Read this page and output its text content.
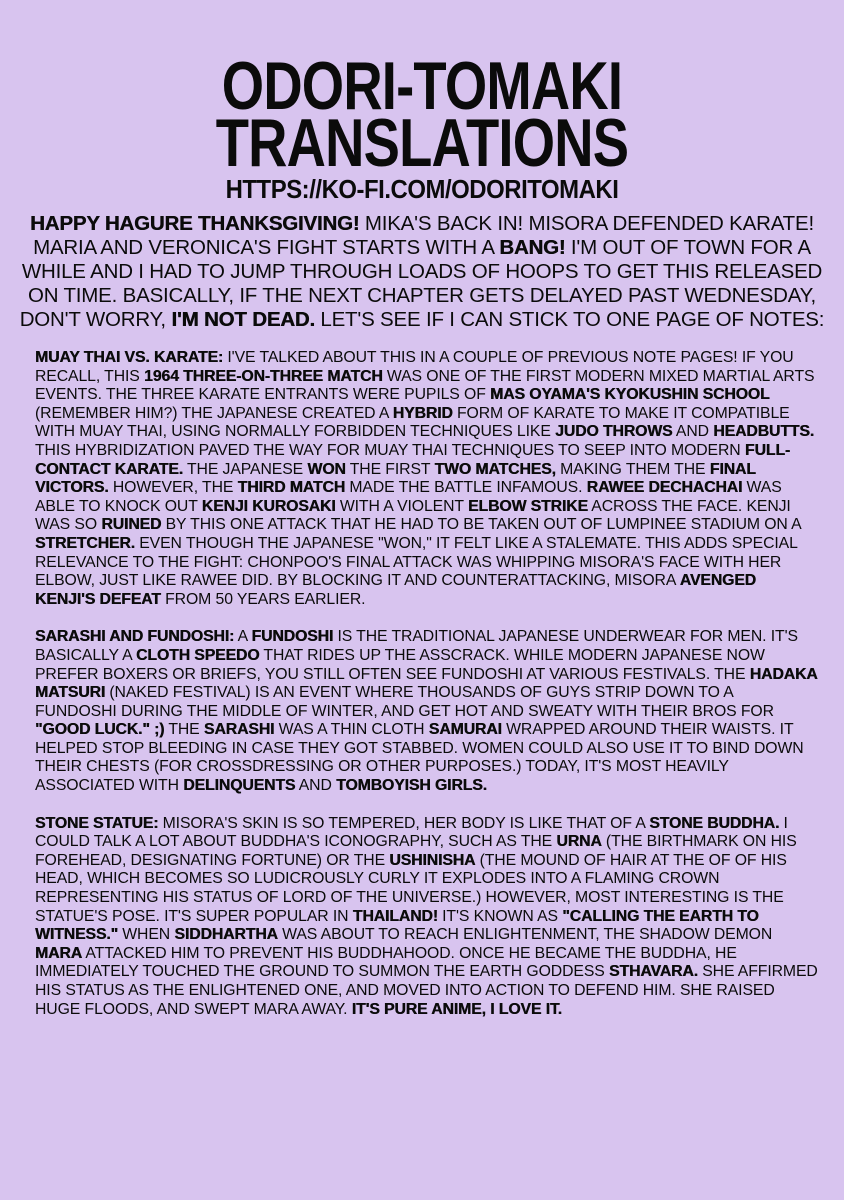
ODORI-TOMAKI
TRANSLATIONS
HTTPS://KO-FI.COM/ODORITOMAKI
HAPPY HAGURE THANKSGIVING! MIKA'S BACK IN! MISORA DEFENDED KARATE! MARIA AND VERONICA'S FIGHT STARTS WITH A BANG! I'M OUT OF TOWN FOR A WHILE AND I HAD TO JUMP THROUGH LOADS OF HOOPS TO GET THIS RELEASED ON TIME. BASICALLY, IF THE NEXT CHAPTER GETS DELAYED PAST WEDNESDAY, DON'T WORRY, I'M NOT DEAD. LET'S SEE IF I CAN STICK TO ONE PAGE OF NOTES:
MUAY THAI VS. KARATE: I'VE TALKED ABOUT THIS IN A COUPLE OF PREVIOUS NOTE PAGES! IF YOU RECALL, THIS 1964 THREE-ON-THREE MATCH WAS ONE OF THE FIRST MODERN MIXED MARTIAL ARTS EVENTS. THE THREE KARATE ENTRANTS WERE PUPILS OF MAS OYAMA'S KYOKUSHIN SCHOOL (REMEMBER HIM?) THE JAPANESE CREATED A HYBRID FORM OF KARATE TO MAKE IT COMPATIBLE WITH MUAY THAI, USING NORMALLY FORBIDDEN TECHNIQUES LIKE JUDO THROWS AND HEADBUTTS. THIS HYBRIDIZATION PAVED THE WAY FOR MUAY THAI TECHNIQUES TO SEEP INTO MODERN FULL-CONTACT KARATE. THE JAPANESE WON THE FIRST TWO MATCHES, MAKING THEM THE FINAL VICTORS. HOWEVER, THE THIRD MATCH MADE THE BATTLE INFAMOUS. RAWEE DECHACHAI WAS ABLE TO KNOCK OUT KENJI KUROSAKI WITH A VIOLENT ELBOW STRIKE ACROSS THE FACE. KENJI WAS SO RUINED BY THIS ONE ATTACK THAT HE HAD TO BE TAKEN OUT OF LUMPINEE STADIUM ON A STRETCHER. EVEN THOUGH THE JAPANESE "WON," IT FELT LIKE A STALEMATE. THIS ADDS SPECIAL RELEVANCE TO THE FIGHT: CHONPOO'S FINAL ATTACK WAS WHIPPING MISORA'S FACE WITH HER ELBOW, JUST LIKE RAWEE DID. BY BLOCKING IT AND COUNTERATTACKING, MISORA AVENGED KENJI'S DEFEAT FROM 50 YEARS EARLIER.
SARASHI AND FUNDOSHI: A FUNDOSHI IS THE TRADITIONAL JAPANESE UNDERWEAR FOR MEN. IT'S BASICALLY A CLOTH SPEEDO THAT RIDES UP THE ASSCRACK. WHILE MODERN JAPANESE NOW PREFER BOXERS OR BRIEFS, YOU STILL OFTEN SEE FUNDOSHI AT VARIOUS FESTIVALS. THE HADAKA MATSURI (NAKED FESTIVAL) IS AN EVENT WHERE THOUSANDS OF GUYS STRIP DOWN TO A FUNDOSHI DURING THE MIDDLE OF WINTER, AND GET HOT AND SWEATY WITH THEIR BROS FOR "GOOD LUCK." ;) THE SARASHI WAS A THIN CLOTH SAMURAI WRAPPED AROUND THEIR WAISTS. IT HELPED STOP BLEEDING IN CASE THEY GOT STABBED. WOMEN COULD ALSO USE IT TO BIND DOWN THEIR CHESTS (FOR CROSSDRESSING OR OTHER PURPOSES.) TODAY, IT'S MOST HEAVILY ASSOCIATED WITH DELINQUENTS AND TOMBOYISH GIRLS.
STONE STATUE: MISORA'S SKIN IS SO TEMPERED, HER BODY IS LIKE THAT OF A STONE BUDDHA. I COULD TALK A LOT ABOUT BUDDHA'S ICONOGRAPHY, SUCH AS THE URNA (THE BIRTHMARK ON HIS FOREHEAD, DESIGNATING FORTUNE) OR THE USHINISHA (THE MOUND OF HAIR AT THE OF OF HIS HEAD, WHICH BECOMES SO LUDICROUSLY CURLY IT EXPLODES INTO A FLAMING CROWN REPRESENTING HIS STATUS OF LORD OF THE UNIVERSE.) HOWEVER, MOST INTERESTING IS THE STATUE'S POSE. IT'S SUPER POPULAR IN THAILAND! IT'S KNOWN AS "CALLING THE EARTH TO WITNESS." WHEN SIDDHARTHA WAS ABOUT TO REACH ENLIGHTENMENT, THE SHADOW DEMON MARA ATTACKED HIM TO PREVENT HIS BUDDHAHOOD. ONCE HE BECAME THE BUDDHA, HE IMMEDIATELY TOUCHED THE GROUND TO SUMMON THE EARTH GODDESS STHAVARA. SHE AFFIRMED HIS STATUS AS THE ENLIGHTENED ONE, AND MOVED INTO ACTION TO DEFEND HIM. SHE RAISED HUGE FLOODS, AND SWEPT MARA AWAY. IT'S PURE ANIME, I LOVE IT.
